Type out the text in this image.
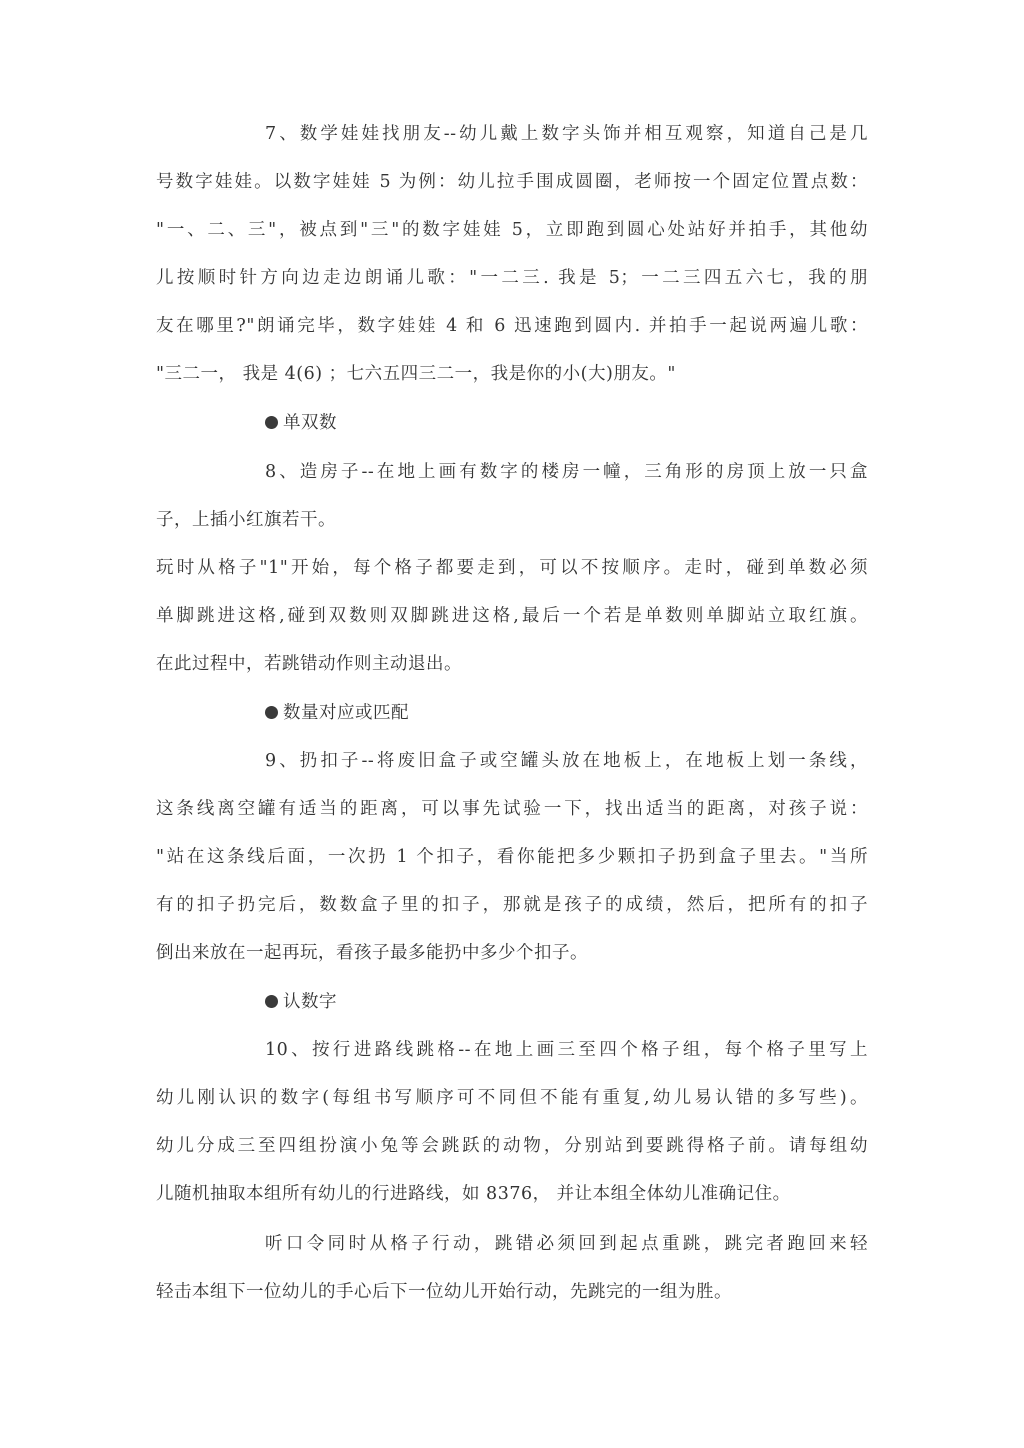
7、数学娃娃找朋友--幼儿戴上数字头饰并相互观察，知道自己是几
号数字娃娃。以数字娃娃 5 为例：幼儿拉手围成圆圈，老师按一个固定位置点数：
"一、二、三"，被点到"三"的数字娃娃 5，立即跑到圆心处站好并拍手，其他幼
儿按顺时针方向边走边朗诵儿歌："一二三. 我是 5；一二三四五六七，我的朋
友在哪里?"朗诵完毕，数字娃娃 4 和 6 迅速跑到圆内. 并拍手一起说两遍儿歌：
"三二一， 我是 4(6) ；七六五四三二一，我是你的小(大)朋友。"
单双数
8、造房子--在地上画有数字的楼房一幢，三角形的房顶上放一只盒
子，上插小红旗若干。
玩时从格子"1"开始，每个格子都要走到，可以不按顺序。走时，碰到单数必须
单脚跳进这格,碰到双数则双脚跳进这格,最后一个若是单数则单脚站立取红旗。
在此过程中，若跳错动作则主动退出。
数量对应或匹配
9、扔扣子--将废旧盒子或空罐头放在地板上，在地板上划一条线，
这条线离空罐有适当的距离，可以事先试验一下，找出适当的距离，对孩子说：
"站在这条线后面，一次扔 1 个扣子，看你能把多少颗扣子扔到盒子里去。"当所
有的扣子扔完后，数数盒子里的扣子，那就是孩子的成绩，然后，把所有的扣子
倒出来放在一起再玩，看孩子最多能扔中多少个扣子。
认数字
10、按行进路线跳格--在地上画三至四个格子组，每个格子里写上
幼儿刚认识的数字(每组书写顺序可不同但不能有重复,幼儿易认错的多写些)。
幼儿分成三至四组扮演小兔等会跳跃的动物，分别站到要跳得格子前。请每组幼
儿随机抽取本组所有幼儿的行进路线，如 8376， 并让本组全体幼儿准确记住。
听口令同时从格子行动，跳错必须回到起点重跳，跳完者跑回来轻
轻击本组下一位幼儿的手心后下一位幼儿开始行动，先跳完的一组为胜。
